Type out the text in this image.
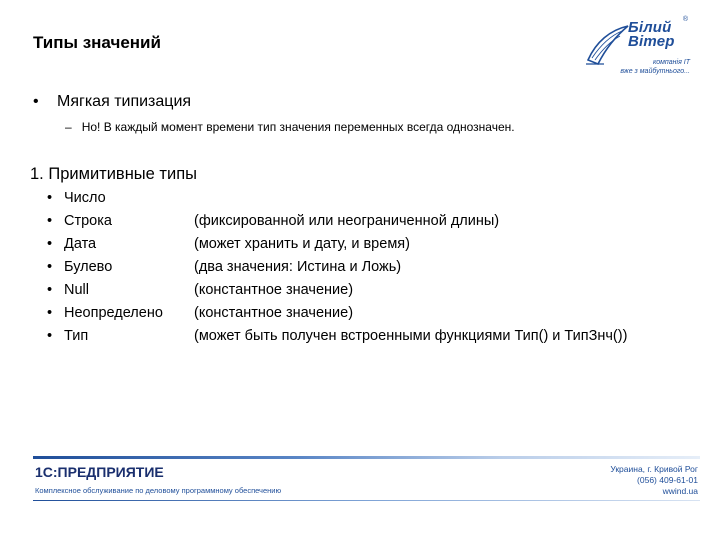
Типы значений
Білий
Вітер
®
компанія IT
вже з майбутнього...
• Мягкая типизация
– Но! В каждый момент времени тип значения переменных всегда однозначен.
1. Примитивные типы
• Число
• Строка	(фиксированной или неограниченной длины)
• Дата	(может хранить и дату, и время)
• Булево	(два значения: Истина и Ложь)
• Null	(константное значение)
• Неопределено (константное значение)
• Тип	(может быть получен встроенными функциями Тип() и ТипЗнч())
1С:ПРЕДПРИЯТИЕ
Комплексное обслуживание по деловому программному обеспечению
Украина, г. Кривой Рог
(056) 409-61-01
wwind.ua
